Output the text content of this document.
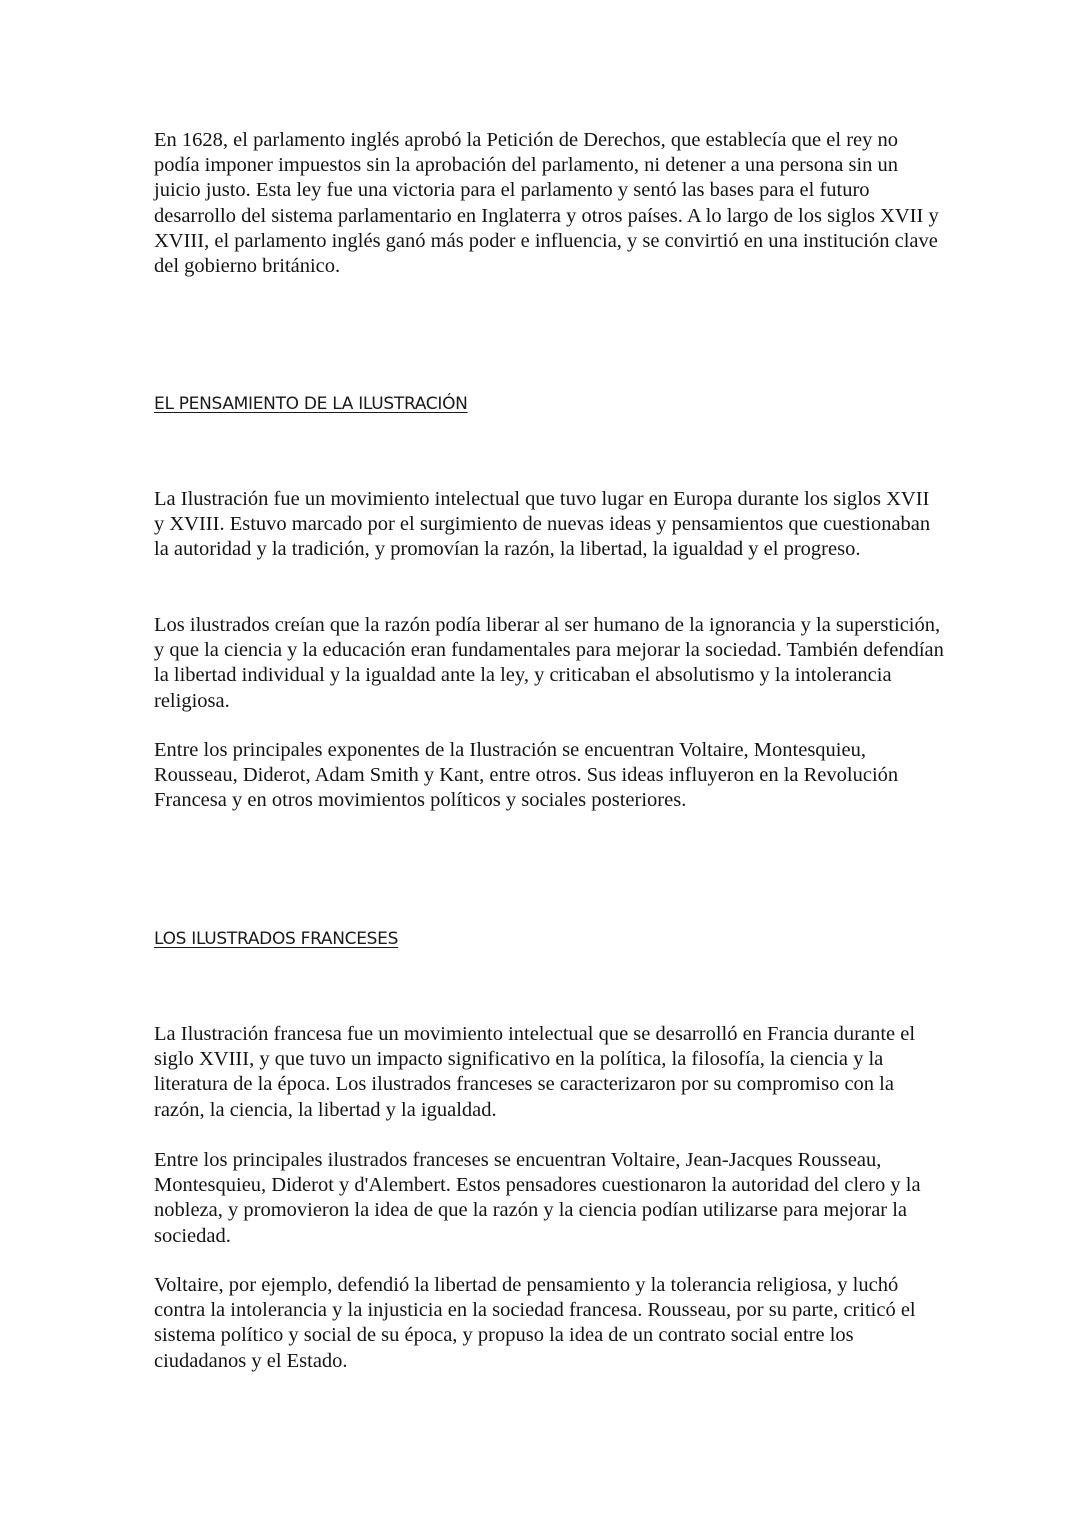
En 1628, el parlamento inglés aprobó la Petición de Derechos, que establecía que el rey no podía imponer impuestos sin la aprobación del parlamento, ni detener a una persona sin un juicio justo. Esta ley fue una victoria para el parlamento y sentó las bases para el futuro desarrollo del sistema parlamentario en Inglaterra y otros países. A lo largo de los siglos XVII y XVIII, el parlamento inglés ganó más poder e influencia, y se convirtió en una institución clave del gobierno británico.

EL PENSAMIENTO DE LA ILUSTRACIÓN

La Ilustración fue un movimiento intelectual que tuvo lugar en Europa durante los siglos XVII y XVIII. Estuvo marcado por el surgimiento de nuevas ideas y pensamientos que cuestionaban la autoridad y la tradición, y promovían la razón, la libertad, la igualdad y el progreso.

Los ilustrados creían que la razón podía liberar al ser humano de la ignorancia y la superstición, y que la ciencia y la educación eran fundamentales para mejorar la sociedad. También defendían la libertad individual y la igualdad ante la ley, y criticaban el absolutismo y la intolerancia religiosa.

Entre los principales exponentes de la Ilustración se encuentran Voltaire, Montesquieu, Rousseau, Diderot, Adam Smith y Kant, entre otros. Sus ideas influyeron en la Revolución Francesa y en otros movimientos políticos y sociales posteriores.

LOS ILUSTRADOS FRANCESES

La Ilustración francesa fue un movimiento intelectual que se desarrolló en Francia durante el siglo XVIII, y que tuvo un impacto significativo en la política, la filosofía, la ciencia y la literatura de la época. Los ilustrados franceses se caracterizaron por su compromiso con la razón, la ciencia, la libertad y la igualdad.

Entre los principales ilustrados franceses se encuentran Voltaire, Jean-Jacques Rousseau, Montesquieu, Diderot y d'Alembert. Estos pensadores cuestionaron la autoridad del clero y la nobleza, y promovieron la idea de que la razón y la ciencia podían utilizarse para mejorar la sociedad.

Voltaire, por ejemplo, defendió la libertad de pensamiento y la tolerancia religiosa, y luchó contra la intolerancia y la injusticia en la sociedad francesa. Rousseau, por su parte, criticó el sistema político y social de su época, y propuso la idea de un contrato social entre los ciudadanos y el Estado.
